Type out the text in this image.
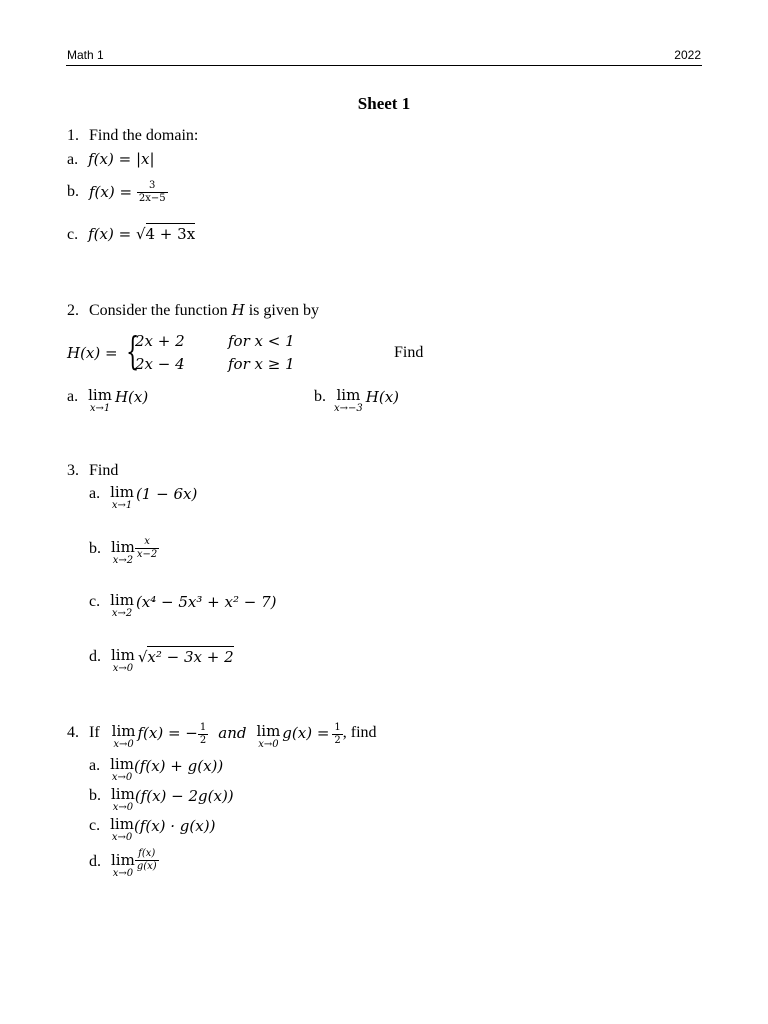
Math 1	2022
Sheet 1
1. Find the domain:
a. f(x) = |x|
b. $f(x) = \frac{3}{2x-5}$
c. f(x) = √4 + 3x
2. Consider the function H is given by
H(x) = {
2x + 2	for x < 1
2x − 4	for x ≥ 1
Find
a. lim
x→1
H(x)	b. lim
x→−3
H(x)
3. Find
a. lim
x→1
(1 − 6x)
b. lim
x→2
$\frac{x}{x-2}$
c. lim
x→2
(x⁴ − 5x³ + x² − 7)
d. lim
x→0
√x² − 3x + 2
4. If lim
x→0
f(x) = − $\frac{1}{2}$ and lim
x→0
$g(x) = \frac{1}{2}$ , find
a. lim
x→0
(f(x) + g(x))
b. lim
x→0
(f(x) − 2g(x))
c. lim
x→0
(f(x) · g(x))
d. lim
x→0
$\frac{f(x)}{g(x)}$
